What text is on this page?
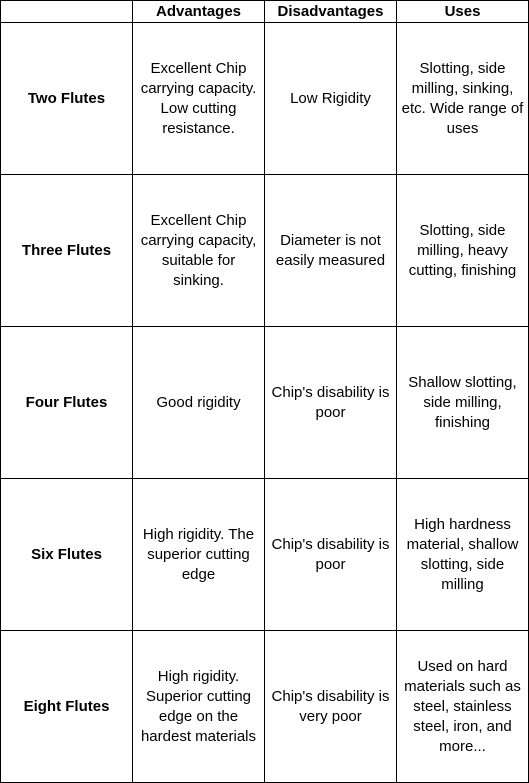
	Advantages	Disadvantages	Uses
Two Flutes	Excellent Chip carrying capacity. Low cutting resistance.	Low Rigidity	Slotting, side milling, sinking, etc. Wide range of uses
Three Flutes	Excellent Chip carrying capacity, suitable for sinking.	Diameter is not easily measured	Slotting, side milling, heavy cutting, finishing
Four Flutes	Good rigidity	Chip's disability is poor	Shallow slotting, side milling, finishing
Six Flutes	High rigidity. The superior cutting edge	Chip's disability is poor	High hardness material, shallow slotting, side milling
Eight Flutes	High rigidity. Superior cutting edge on the hardest materials	Chip's disability is very poor	Used on hard materials such as steel, stainless steel, iron, and more...
